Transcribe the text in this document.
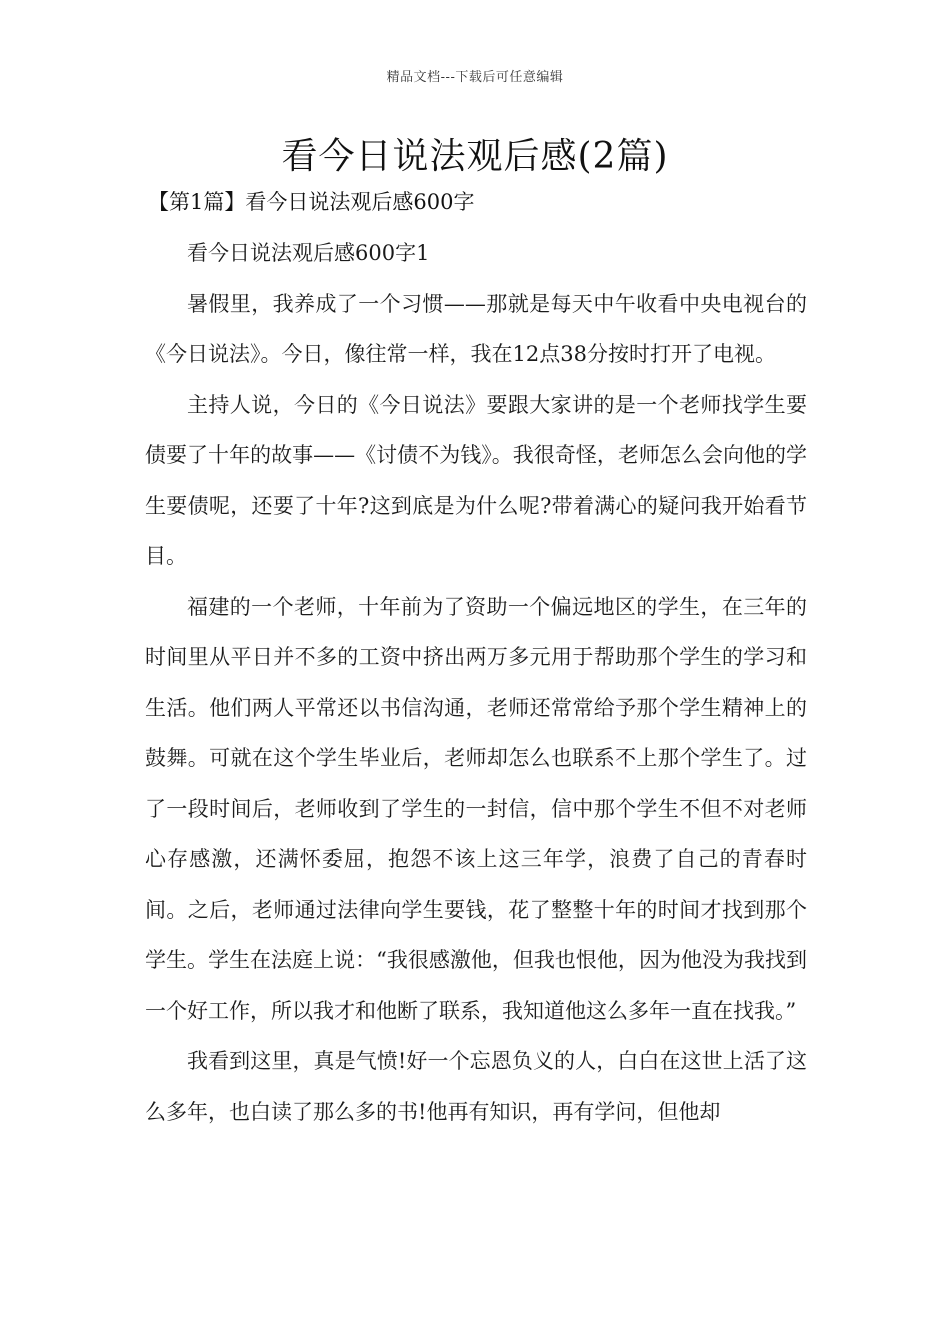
精品文档---下载后可任意编辑
看今日说法观后感(2篇)
【第1篇】看今日说法观后感600字

看今日说法观后感600字1

暑假里，我养成了一个习惯——那就是每天中午收看中央电视台的《今日说法》。今日，像往常一样，我在12点38分按时打开了电视。

主持人说，今日的《今日说法》要跟大家讲的是一个老师找学生要债要了十年的故事——《讨债不为钱》。我很奇怪，老师怎么会向他的学生要债呢，还要了十年?这到底是为什么呢?带着满心的疑问我开始看节目。

福建的一个老师，十年前为了资助一个偏远地区的学生，在三年的时间里从平日并不多的工资中挤出两万多元用于帮助那个学生的学习和生活。他们两人平常还以书信沟通，老师还常常给予那个学生精神上的鼓舞。可就在这个学生毕业后，老师却怎么也联系不上那个学生了。过了一段时间后，老师收到了学生的一封信，信中那个学生不但不对老师心存感激，还满怀委屈，抱怨不该上这三年学，浪费了自己的青春时间。之后，老师通过法律向学生要钱，花了整整十年的时间才找到那个学生。学生在法庭上说：“我很感激他，但我也恨他，因为他没为我找到一个好工作，所以我才和他断了联系，我知道他这么多年一直在找我。”

我看到这里，真是气愤!好一个忘恩负义的人，白白在这世上活了这么多年，也白读了那么多的书!他再有知识，再有学问，但他却
